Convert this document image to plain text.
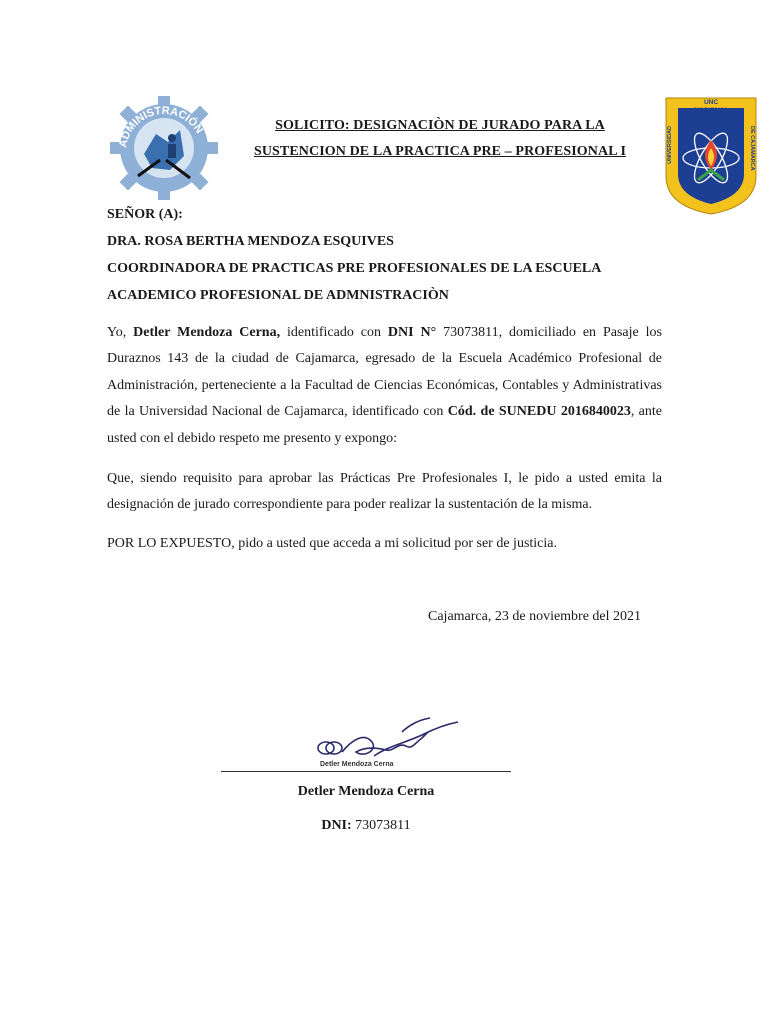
ADMINISTRACIÓN
UNC NACIONAL
UNIVERSIDAD	DE CAJAMARCA
SOLICITO: DESIGNACIÒN DE JURADO PARA LA
SUSTENCION DE LA PRACTICA PRE – PROFESIONAL I
SEÑOR (A):
DRA. ROSA BERTHA MENDOZA ESQUIVES
COORDINADORA DE PRACTICAS PRE PROFESIONALES DE LA ESCUELA
ACADEMICO PROFESIONAL DE ADMNISTRACIÒN

Yo, Detler Mendoza Cerna, identificado con DNI N° 73073811, domiciliado en Pasaje los Duraznos 143 de la ciudad de Cajamarca, egresado de la Escuela Académico Profesional de Administración, perteneciente a la Facultad de Ciencias Económicas, Contables y Administrativas de la Universidad Nacional de Cajamarca, identificado con Cód. de SUNEDU 2016840023, ante usted con el debido respeto me presento y expongo:

Que, siendo requisito para aprobar las Prácticas Pre Profesionales I, le pido a usted emita la designación de jurado correspondiente para poder realizar la sustentación de la misma.

POR LO EXPUESTO, pido a usted que acceda a mi solicitud por ser de justicia.
Cajamarca, 23 de noviembre del 2021
Detler Mendoza Cerna
Detler Mendoza Cerna
DNI: 73073811
